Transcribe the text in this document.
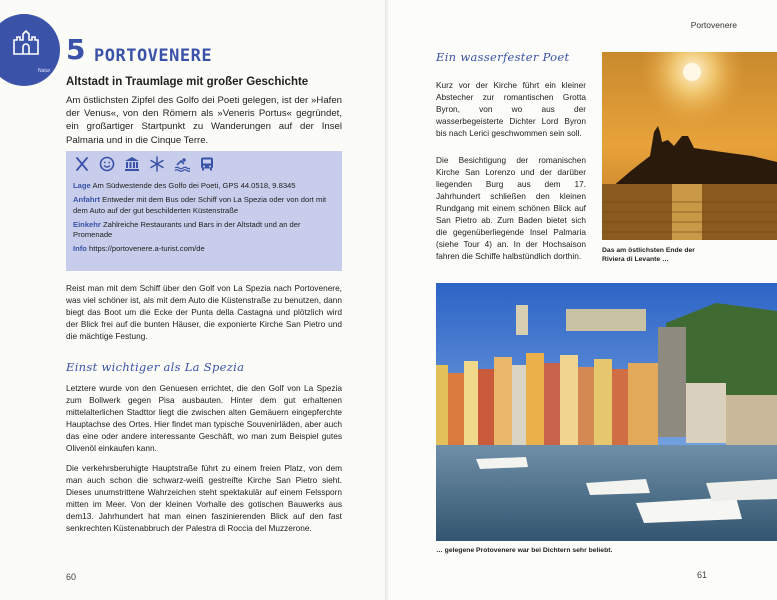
Natur
5 PORTOVENERE
Altstadt in Traumlage mit großer Geschichte
Am östlichsten Zipfel des Golfo dei Poeti gelegen, ist der »Hafen der Venus«, von den Römern als »Veneris Portus« gegründet, ein großartiger Startpunkt zu Wanderungen auf der Insel Palmaria und in die Cinque Terre.
Lage Am Südwestende des Golfo dei Poeti, GPS 44.0518, 9.8345
Anfahrt Entweder mit dem Bus oder Schiff von La Spezia oder von dort mit dem Auto auf der gut beschilderten Küstenstraße
Einkehr Zahlreiche Restaurants und Bars in der Altstadt und an der Promenade
Info https://portovenere.a-turist.com/de
Reist man mit dem Schiff über den Golf von La Spezia nach Portovenere, was viel schöner ist, als mit dem Auto die Küstenstraße zu benutzen, dann biegt das Boot um die Ecke der Punta della Castagna und plötzlich wird der Blick frei auf die bunten Häuser, die exponierte Kirche San Pietro und die mächtige Festung.
Einst wichtiger als La Spezia
Letztere wurde von den Genuesen errichtet, die den Golf von La Spezia zum Bollwerk gegen Pisa ausbauten. Hinter dem gut erhaltenen mittelalterlichen Stadttor liegt die zwischen alten Gemäuern eingepferchte Hauptachse des Ortes. Hier findet man typische Souvenirläden, aber auch das eine oder andere interessante Geschäft, wo man zum Beispiel gutes Olivenöl einkaufen kann.
Die verkehrsberuhigte Hauptstraße führt zu einem freien Platz, von dem man auch schon die schwarz-weiß gestreifte Kirche San Pietro sieht. Dieses unumstrittene Wahrzeichen steht spektakulär auf einem Felssporn mitten im Meer. Von der kleinen Vorhalle des gotischen Bauwerks aus dem13. Jahrhundert hat man einen faszinierenden Blick auf den fast senkrechten Küstenabbruch der Palestra di Roccia del Muzzerone.
60
Portovenere
Ein wasserfester Poet
Kurz vor der Kirche führt ein kleiner Abstecher zur romantischen Grotta Byron, von wo aus der wasserbegeisterte Dichter Lord Byron bis nach Lerici geschwommen sein soll.
Die Besichtigung der romanischen Kirche San Lorenzo und der darüber liegenden Burg aus dem 17. Jahrhundert schließen den kleinen Rundgang mit einem schönen Blick auf San Pietro ab. Zum Baden bietet sich die gegenüberliegende Insel Palmaria (siehe Tour 4) an. In der Hochsaison fahren die Schiffe halbstündlich dorthin.
Das am östlichsten Ende der Riviera di Levante …
… gelegene Protovenere war bei Dichtern sehr beliebt.
61
